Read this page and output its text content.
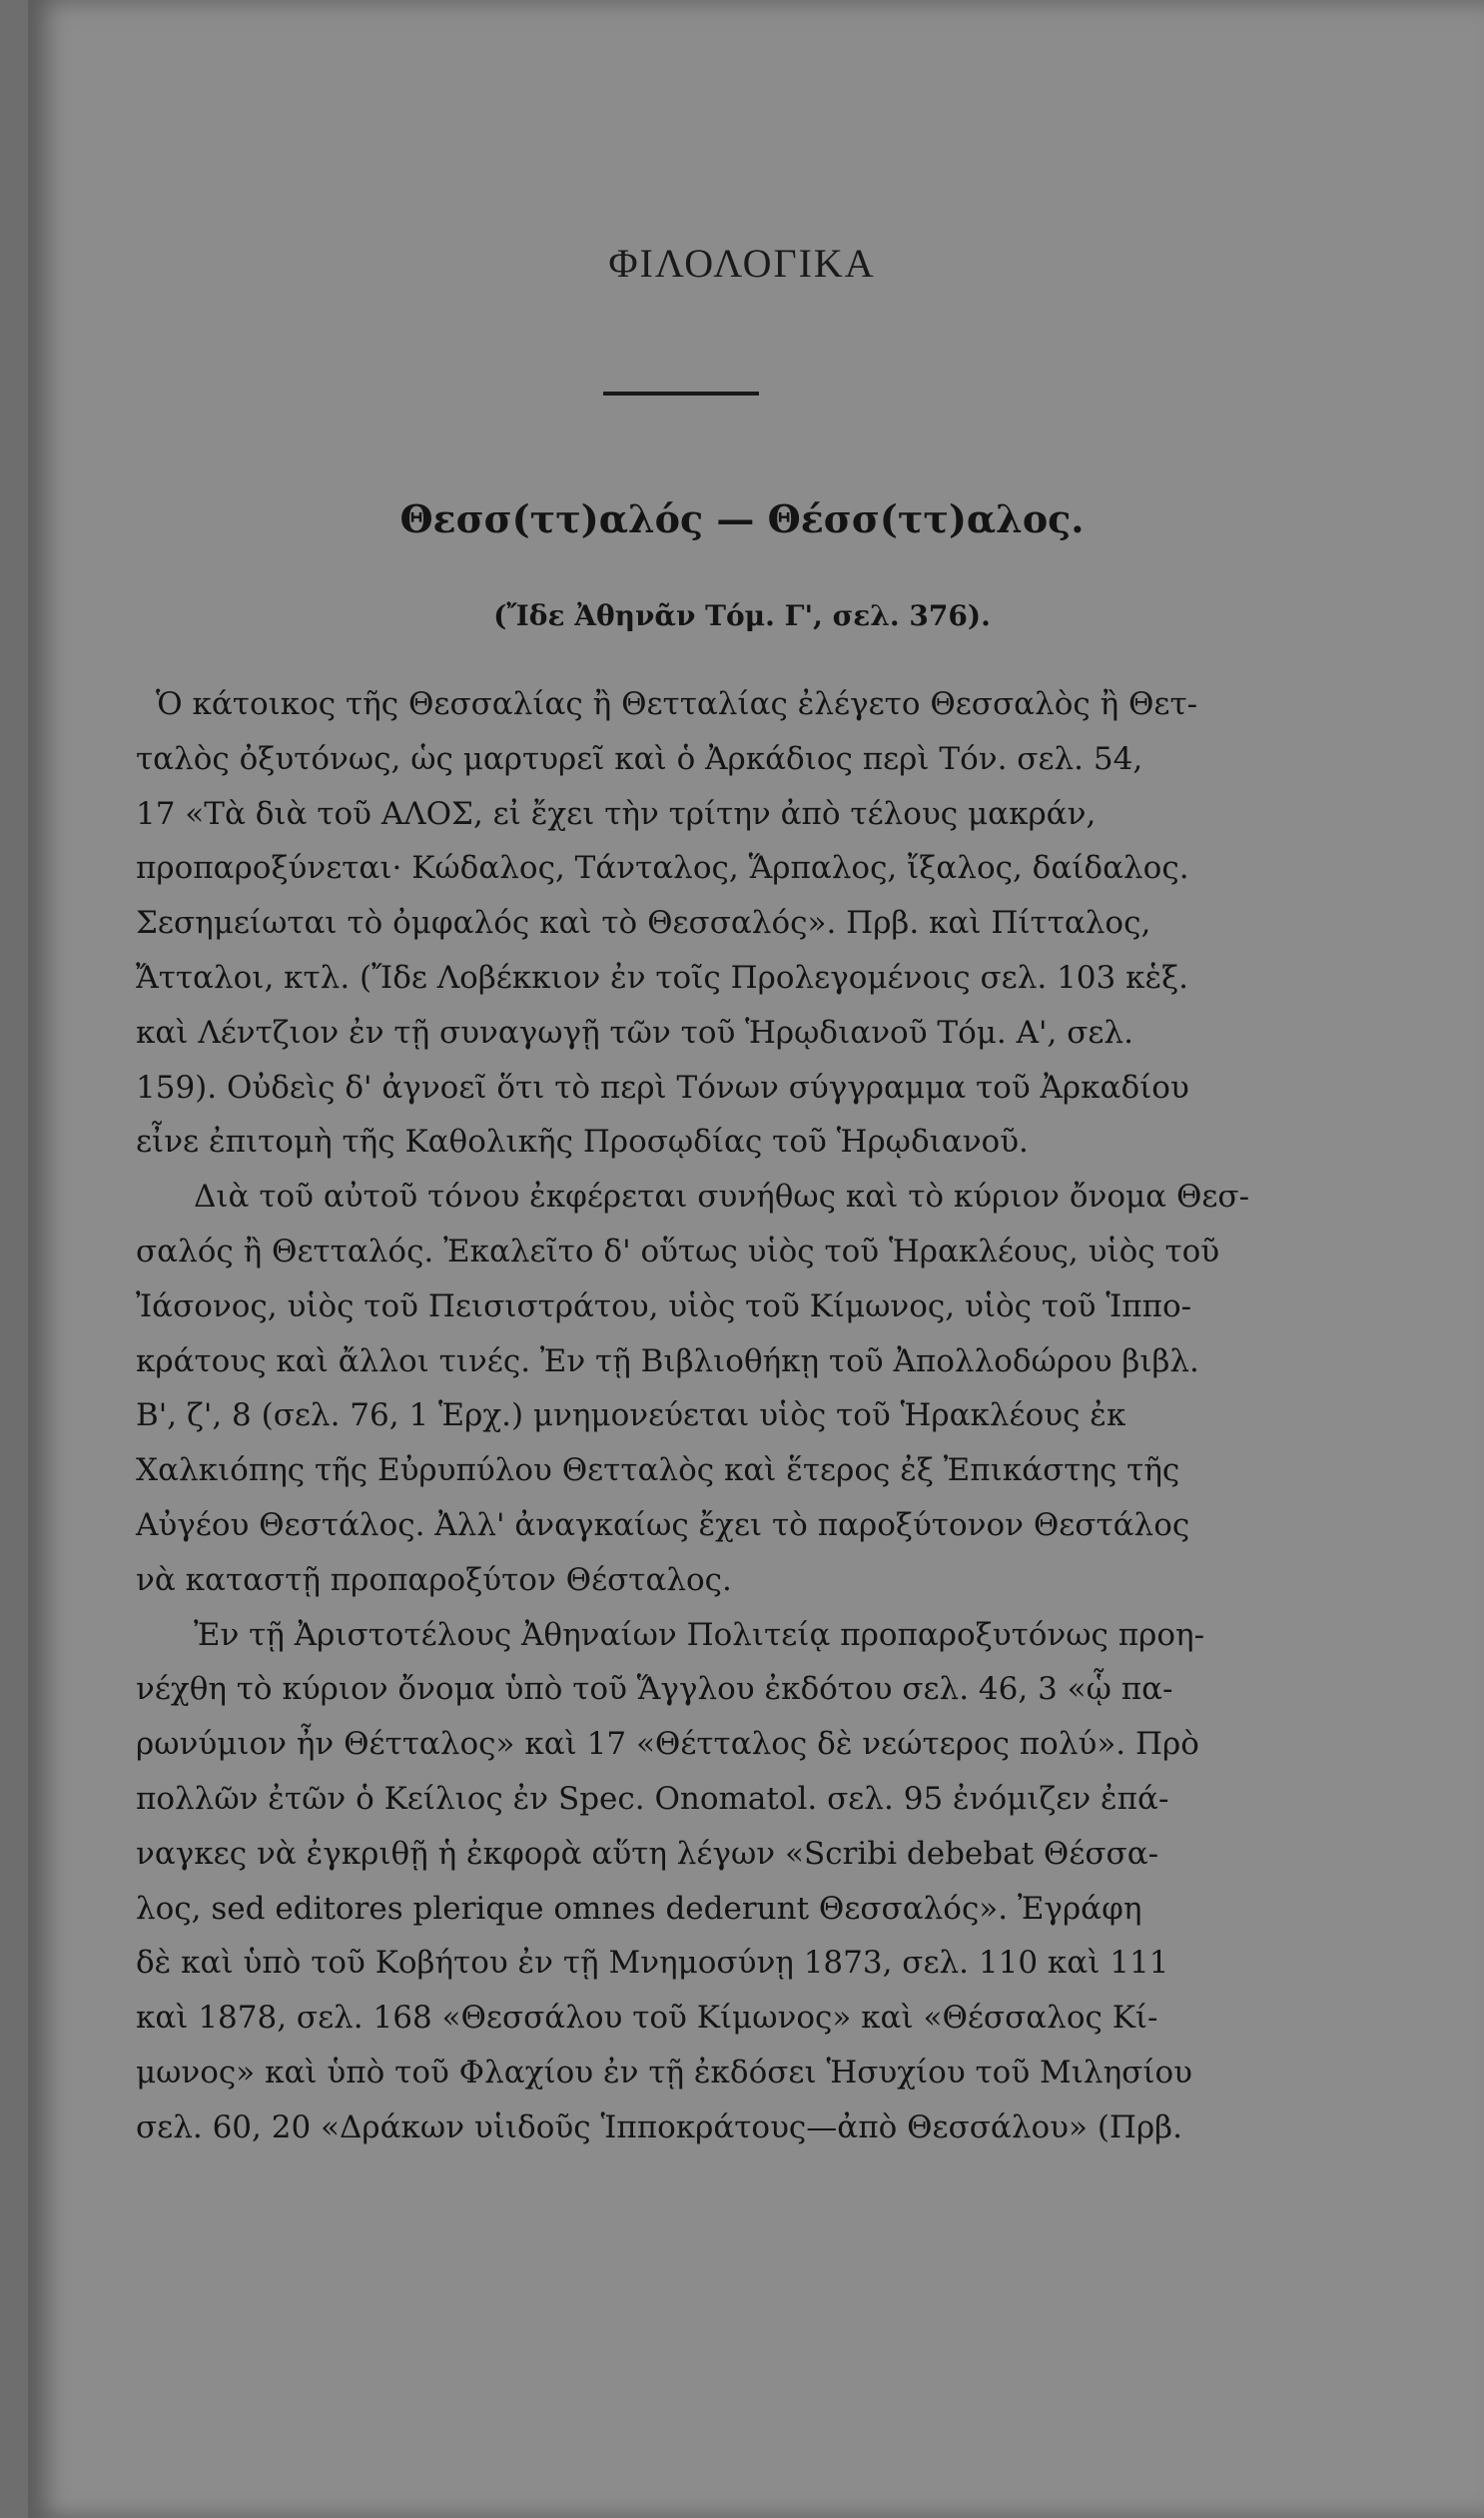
ΦΙΛΟΛΟΓΙΚΑ
Θεσσ(ττ)αλός — Θέσσ(ττ)αλος.
(Ἴδε Ἀθηνᾶν Τόμ. Γ', σελ. 376).
Ὁ κάτοικος τῆς Θεσσαλίας ἢ Θετταλίας ἐλέγετο Θεσσαλὸς ἢ Θετ-
ταλὸς ὀξυτόνως, ὡς μαρτυρεῖ καὶ ὁ Ἀρκάδιος περὶ Τόν. σελ. 54,
17 «Τὰ διὰ τοῦ ΑΛΟΣ, εἰ ἔχει τὴν τρίτην ἀπὸ τέλους μακράν,
προπαροξύνεται· Κώδαλος, Τάνταλος, Ἅρπαλος, ἴξαλος, δαίδαλος.
Σεσημείωται τὸ ὀμφαλός καὶ τὸ Θεσσαλός». Πρβ. καὶ Πίτταλος,
Ἄτταλοι, κτλ. (Ἴδε Λοβέκκιον ἐν τοῖς Προλεγομένοις σελ. 103 κἑξ.
καὶ Λέντζιον ἐν τῇ συναγωγῇ τῶν τοῦ Ἡρῳδιανοῦ Τόμ. Α', σελ.
159). Οὐδεὶς δ' ἀγνοεῖ ὅτι τὸ περὶ Τόνων σύγγραμμα τοῦ Ἀρκαδίου
εἶνε ἐπιτομὴ τῆς Καθολικῆς Προσῳδίας τοῦ Ἡρῳδιανοῦ.
Διὰ τοῦ αὐτοῦ τόνου ἐκφέρεται συνήθως καὶ τὸ κύριον ὄνομα Θεσ-
σαλός ἢ Θετταλός. Ἐκαλεῖτο δ' οὕτως υἱὸς τοῦ Ἡρακλέους, υἱὸς τοῦ
Ἰάσονος, υἱὸς τοῦ Πεισιστράτου, υἱὸς τοῦ Κίμωνος, υἱὸς τοῦ Ἱππο-
κράτους καὶ ἄλλοι τινές. Ἐν τῇ Βιβλιοθήκῃ τοῦ Ἀπολλοδώρου βιβλ.
Β', ζ', 8 (σελ. 76, 1 Ἑρχ.) μνημονεύεται υἱὸς τοῦ Ἡρακλέους ἐκ
Χαλκιόπης τῆς Εὐρυπύλου Θετταλὸς καὶ ἕτερος ἐξ Ἐπικάστης τῆς
Αὐγέου Θεστάλος. Ἀλλ' ἀναγκαίως ἔχει τὸ παροξύτονον Θεστάλος
νὰ καταστῇ προπαροξύτον Θέσταλος.
Ἐν τῇ Ἀριστοτέλους Ἀθηναίων Πολιτείᾳ προπαροξυτόνως προη-
νέχθη τὸ κύριον ὄνομα ὑπὸ τοῦ Ἅγγλου ἐκδότου σελ. 46, 3 «ᾧ πα-
ρωνύμιον ἦν Θέτταλος» καὶ 17 «Θέτταλος δὲ νεώτερος πολύ». Πρὸ
πολλῶν ἐτῶν ὁ Κείλιος ἐν Spec. Onomatol. σελ. 95 ἐνόμιζεν ἐπά-
ναγκες νὰ ἐγκριθῇ ἡ ἐκφορὰ αὕτη λέγων «Scribi debebat Θέσσα-
λος, sed editores plerique omnes dederunt Θεσσαλός». Ἐγράφη
δὲ καὶ ὑπὸ τοῦ Κοβήτου ἐν τῇ Μνημοσύνῃ 1873, σελ. 110 καὶ 111
καὶ 1878, σελ. 168 «Θεσσάλου τοῦ Κίμωνος» καὶ «Θέσσαλος Κί-
μωνος» καὶ ὑπὸ τοῦ Φλαχίου ἐν τῇ ἐκδόσει Ἡσυχίου τοῦ Μιλησίου
σελ. 60, 20 «Δράκων υἱιδοῦς Ἱπποκράτους—ἀπὸ Θεσσάλου» (Πρβ.
